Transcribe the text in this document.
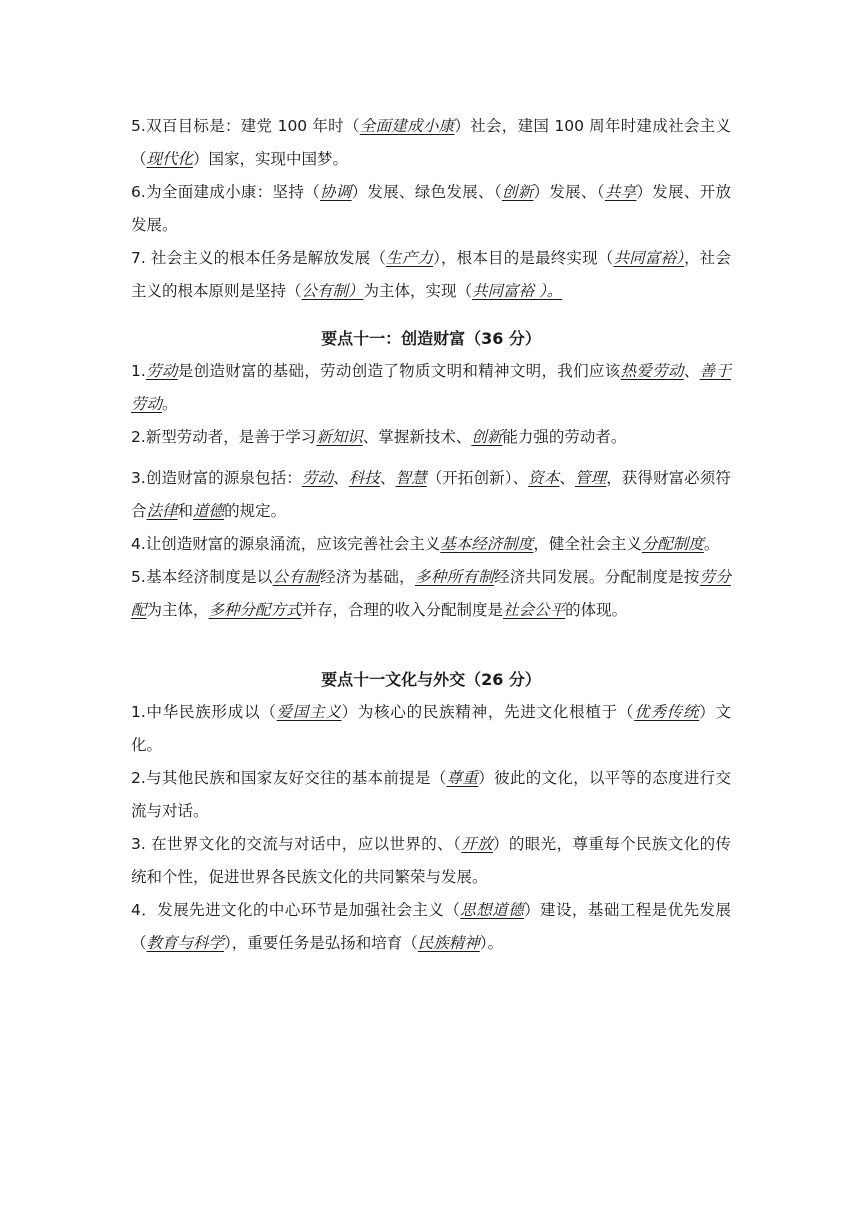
5.双百目标是：建党 100 年时（全面建成小康）社会，建国 100 周年时建成社会主义（现代化）国家，实现中国梦。

6.为全面建成小康：坚持（协调）发展、绿色发展、（创新）发展、（共享）发展、开放发展。

7. 社会主义的根本任务是解放发展（生产力），根本目的是最终实现（共同富裕），社会主义的根本原则是坚持（公有制）为主体，实现（共同富裕 ）。

要点十一：创造财富（36 分）

1.劳动是创造财富的基础，劳动创造了物质文明和精神文明，我们应该热爱劳动、善于劳动。

2.新型劳动者，是善于学习新知识、掌握新技术、创新能力强的劳动者。

3.创造财富的源泉包括：劳动、科技、智慧（开拓创新）、资本、管理，获得财富必须符合法律和道德的规定。

4.让创造财富的源泉涌流，应该完善社会主义基本经济制度，健全社会主义分配制度。

5.基本经济制度是以公有制经济为基础，多种所有制经济共同发展。分配制度是按劳分配为主体，多种分配方式并存，合理的收入分配制度是社会公平的体现。

要点十一文化与外交（26 分）

1.中华民族形成以（爱国主义）为核心的民族精神，先进文化根植于（优秀传统）文化。

2.与其他民族和国家友好交往的基本前提是（尊重）彼此的文化，以平等的态度进行交流与对话。

3. 在世界文化的交流与对话中，应以世界的、（开放）的眼光，尊重每个民族文化的传统和个性，促进世界各民族文化的共同繁荣与发展。

4．发展先进文化的中心环节是加强社会主义（思想道德）建设，基础工程是优先发展（教育与科学），重要任务是弘扬和培育（民族精神）。
